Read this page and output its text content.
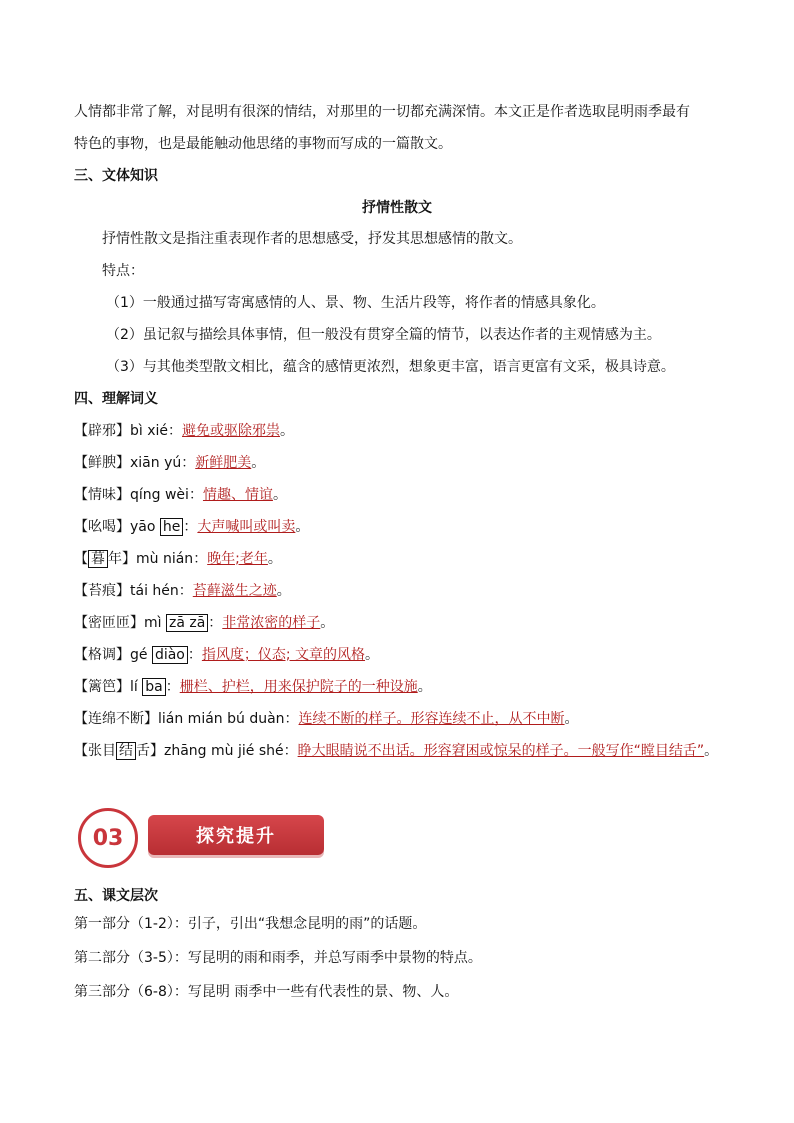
人情都非常了解，对昆明有很深的情结，对那里的一切都充满深情。本文正是作者选取昆明雨季最有
特色的事物，也是最能触动他思绪的事物而写成的一篇散文。
三、文体知识
抒情性散文
抒情性散文是指注重表现作者的思想感受，抒发其思想感情的散文。
特点：
（1）一般通过描写寄寓感情的人、景、物、生活片段等，将作者的情感具象化。
（2）虽记叙与描绘具体事情，但一般没有贯穿全篇的情节，以表达作者的主观情感为主。
（3）与其他类型散文相比，蕴含的感情更浓烈，想象更丰富，语言更富有文采，极具诗意。
四、理解词义
【辟邪】bì xié：避免或驱除邪祟。
【鲜腴】xiān yú：新鲜肥美。
【情味】qíng wèi：情趣、情谊。
【吆喝】yāo he ：大声喊叫或叫卖。
【 暮 年】mù nián：晚年;老年。
【苔痕】tái hén：苔藓滋生之迹。
【密匝匝】mì zā zā ：非常浓密的样子。
【格调】gé diào ：指风度；仪态; 文章的风格。
【篱笆】lí ba ：栅栏、护栏，用来保护院子的一种设施。
【连绵不断】lián mián bú duàn：连续不断的样子。形容连续不止，从不中断。
【张目 结 舌】zhāng mù jié shé：睁大眼睛说不出话。形容窘困或惊呆的样子。一般写作“瞠目结舌”。
03	探究提升
五、课文层次
第一部分（1-2）：引子，引出“我想念昆明的雨”的话题。
第二部分（3-5）：写昆明的雨和雨季，并总写雨季中景物的特点。
第三部分（6-8）：写昆明 雨季中一些有代表性的景、物、人。
